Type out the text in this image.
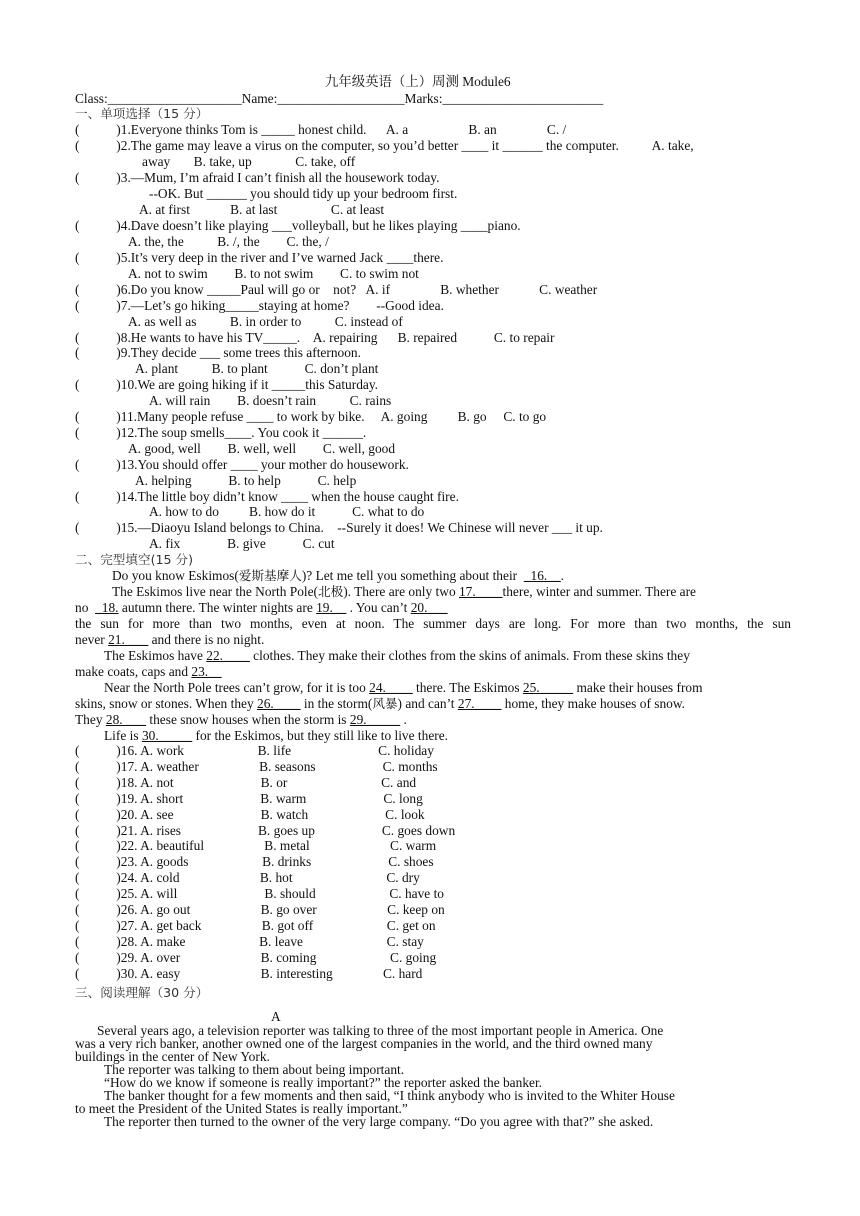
九年级英语（上）周测 Module6
Class:____________________Name:___________________Marks:________________________
一、单项选择（15 分）
(           )1.Everyone thinks Tom is _____ honest child.      A. a                  B. an               C. /
(           )2.The game may leave a virus on the computer, so you’d better ____ it ______ the computer.          A. take,
away       B. take, up             C. take, off
(           )3.—Mum, I’m afraid I can’t finish all the housework today.
--OK. But ______ you should tidy up your bedroom first.
A. at first            B. at last                C. at least
(           )4.Dave doesn’t like playing ___volleyball, but he likes playing ____piano.
A. the, the          B. /, the        C. the, /
(           )5.It’s very deep in the river and I’ve warned Jack ____there.
A. not to swim        B. to not swim        C. to swim not
(           )6.Do you know _____Paul will go or    not?   A. if               B. whether            C. weather
(           )7.—Let’s go hiking_____staying at home?        --Good idea.
A. as well as          B. in order to          C. instead of
(           )8.He wants to have his TV_____.    A. repairing      B. repaired           C. to repair
(           )9.They decide ___ some trees this afternoon.
A. plant          B. to plant           C. don’t plant
(           )10.We are going hiking if it _____this Saturday.
A. will rain        B. doesn’t rain          C. rains
(           )11.Many people refuse ____ to work by bike.     A. going         B. go     C. to go
(           )12.The soup smells____. You cook it ______.
A. good, well        B. well, well        C. well, good
(           )13.You should offer ____ your mother do housework.
A. helping           B. to help           C. help
(           )14.The little boy didn’t know ____ when the house caught fire.
A. how to do         B. how do it           C. what to do
(           )15.—Diaoyu Island belongs to China.    --Surely it does! We Chinese will never ___ it up.
A. fix              B. give           C. cut
二、完型填空(15 分)
Do you know Eskimos(爱斯基摩人)? Let me tell you something about their  _16.__.
The Eskimos live near the North Pole(北极). There are only two 17.____there, winter and summer. There are
no  _18. autumn there. The winter nights are 19.__ . You can’t 20.___
the sun for more than two months, even at noon. The summer days are long. For more than two months, the sun
never 21. ___ and there is no night.
The Eskimos have 22.____ clothes. They make their clothes from the skins of animals. From these skins they
make coats, caps and 23.__
Near the North Pole trees can’t grow, for it is too 24.____ there. The Eskimos 25._____ make their houses from
skins, snow or stones. When they 26.____ in the storm(风暴) and can’t 27.____ home, they make houses of snow.
They 28. ___ these snow houses when the storm is 29._____ .
Life is 30._____ for the Eskimos, but they still like to live there.
(           )16. A. work                      B. life                          C. holiday
(           )17. A. weather                  B. seasons                    C. months
(           )18. A. not                          B. or                            C. and
(           )19. A. short                       B. warm                       C. long
(           )20. A. see                          B. watch                       C. look
(           )21. A. rises                       B. goes up                    C. goes down
(           )22. A. beautiful                  B. metal                        C. warm
(           )23. A. goods                      B. drinks                       C. shoes
(           )24. A. cold                        B. hot                            C. dry
(           )25. A. will                          B. should                      C. have to
(           )26. A. go out                     B. go over                     C. keep on
(           )27. A. get back                  B. got off                      C. get on
(           )28. A. make                      B. leave                         C. stay
(           )29. A. over                        B. coming                      C. going
(           )30. A. easy                        B. interesting               C. hard
三、阅读理解（30 分）
A
Several years ago, a television reporter was talking to three of the most important people in America. One
was a very rich banker, another owned one of the largest companies in the world, and the third owned many
buildings in the center of New York.
The reporter was talking to them about being important.
“How do we know if someone is really important?” the reporter asked the banker.
The banker thought for a few moments and then said, “I think anybody who is invited to the Whiter House
to meet the President of the United States is really important.”
The reporter then turned to the owner of the very large company. “Do you agree with that?” she asked.
